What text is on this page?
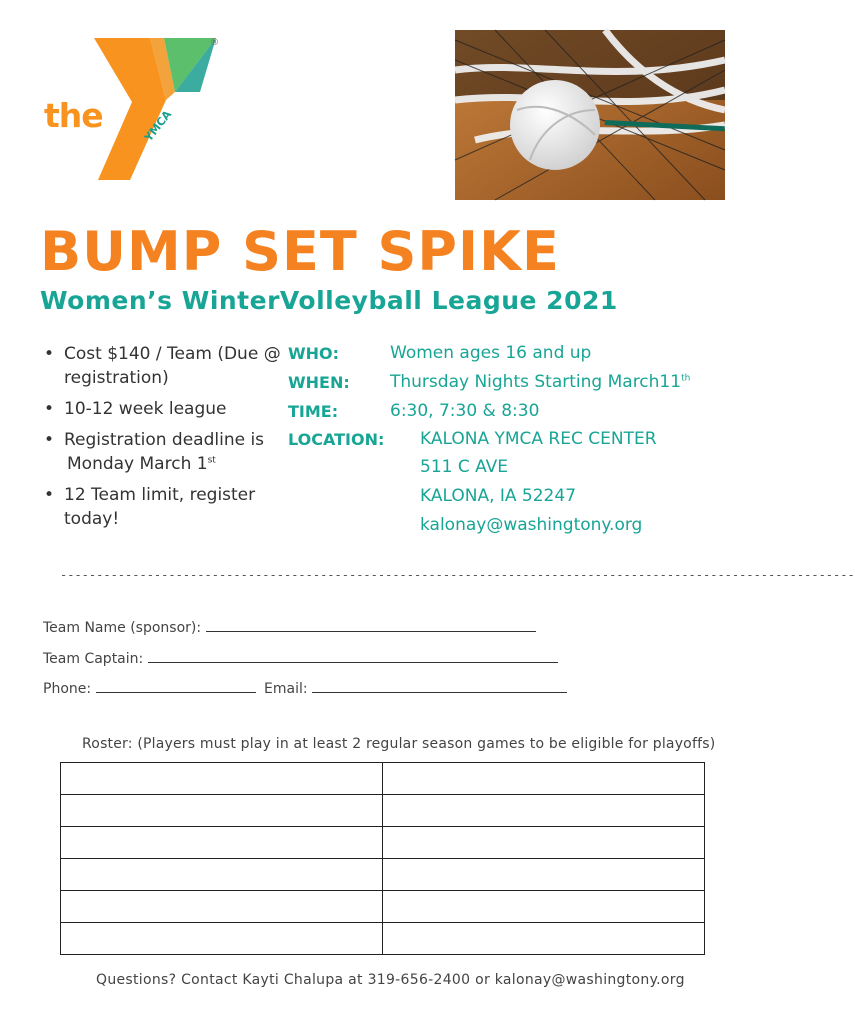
the	YMCA
®
BUMP SET SPIKE
Women’s WinterVolleyball League 2021
• Cost $140 / Team (Due @
registration)
• 10-12 week league
• Registration deadline is
Monday March 1st
• 12 Team limit, register
today!
WHO:	Women ages 16 and up
WHEN: Thursday Nights Starting March11th
TIME:	6:30, 7:30 & 8:30
LOCATION: KALONA YMCA REC CENTER
511 C AVE
KALONA, IA 52247
kalonay@washingtony.org
--------------------------------------------------------------------------------------------------------------
Team Name (sponsor):
Team Captain:
Phone:	Email:
Roster: (Players must play in at least 2 regular season games to be eligible for playoffs)

Questions? Contact Kayti Chalupa at 319-656-2400 or kalonay@washingtony.org
